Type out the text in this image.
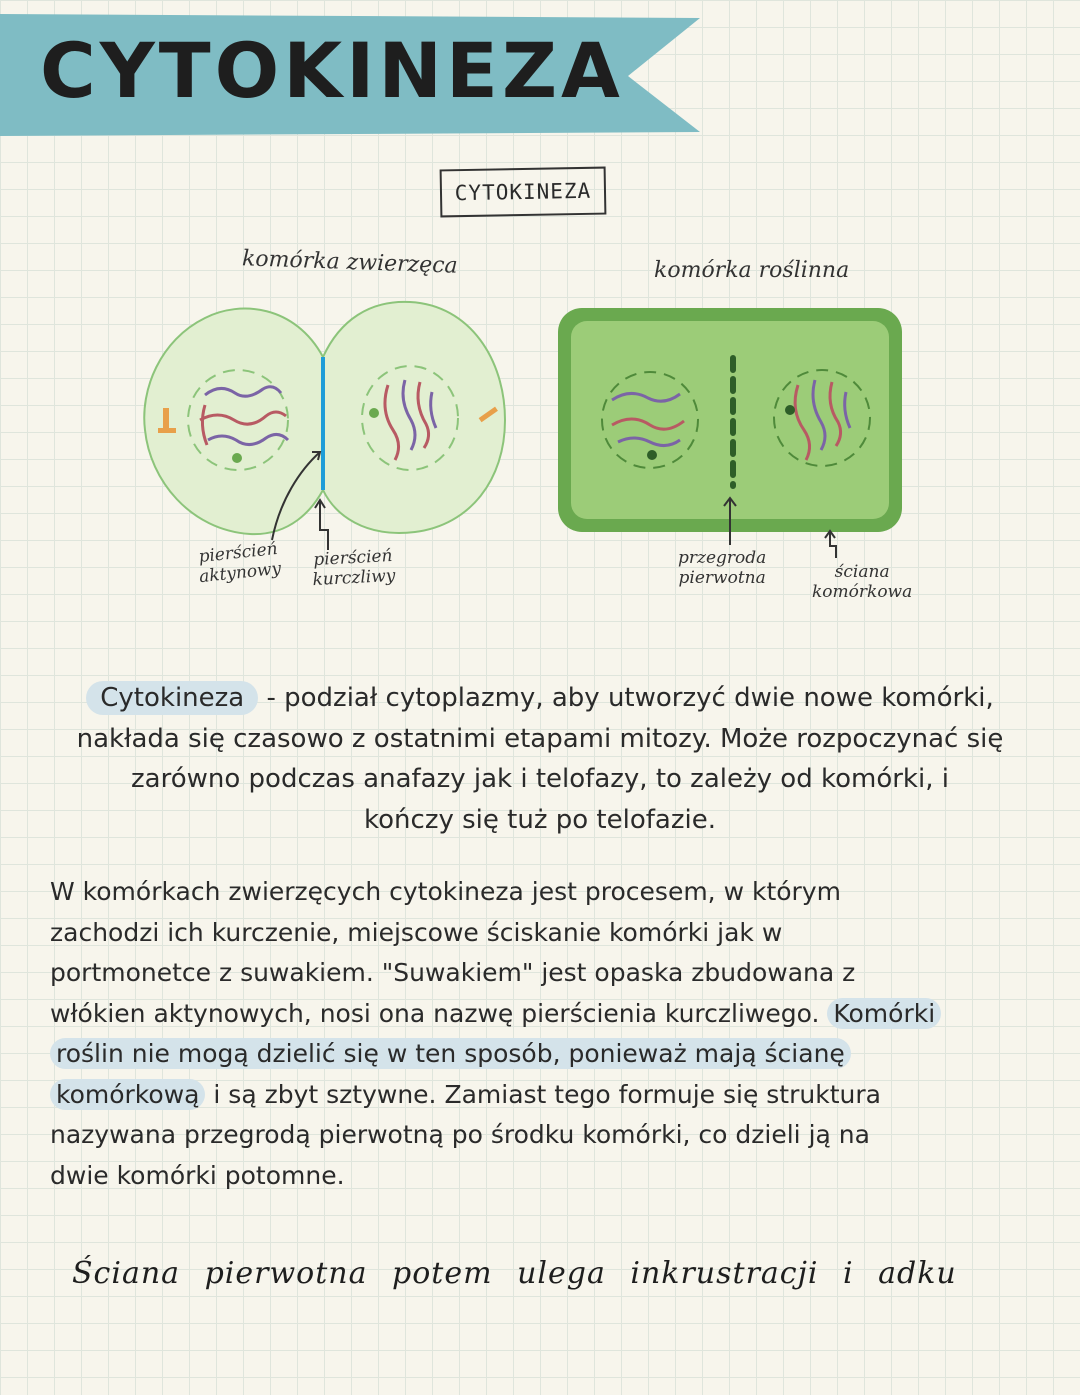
CYTOKINEZA
CYTOKINEZA
komórka zwierzęca	komórka roślinna
pierścień
aktynowy
pierścień
kurczliwy
przegroda
pierwotna	ściana
komórkowa
Cytokineza - podział cytoplazmy, aby utworzyć dwie nowe komórki,
nakłada się czasowo z ostatnimi etapami mitozy. Może rozpoczynać się
zarówno podczas anafazy jak i telofazy, to zależy od komórki, i
kończy się tuż po telofazie.
W komórkach zwierzęcych cytokineza jest procesem, w którym
zachodzi ich kurczenie, miejscowe ściskanie komórki jak w
portmonetce z suwakiem. "Suwakiem" jest opaska zbudowana z
włókien aktynowych, nosi ona nazwę pierścienia kurczliwego. Komórki
roślin nie mogą dzielić się w ten sposób, ponieważ mają ścianę
komórkową i są zbyt sztywne. Zamiast tego formuje się struktura
nazywana przegrodą pierwotną po środku komórki, co dzieli ją na
dwie komórki potomne.

Ściana pierwotna potem ulega inkrustracji i adku
